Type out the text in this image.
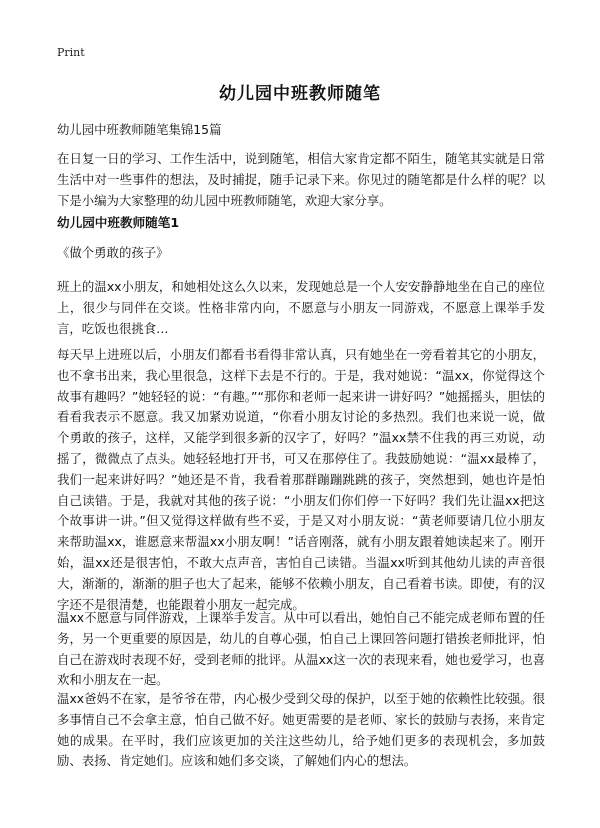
Print
幼儿园中班教师随笔
幼儿园中班教师随笔集锦15篇

在日复一日的学习、工作生活中，说到随笔，相信大家肯定都不陌生，随笔其实就是日常生活中对一些事件的想法，及时捕捉，随手记录下来。你见过的随笔都是什么样的呢？以下是小编为大家整理的幼儿园中班教师随笔，欢迎大家分享。

幼儿园中班教师随笔1
《做个勇敢的孩子》

班上的温xx小朋友，和她相处这么久以来，发现她总是一个人安安静静地坐在自己的座位上，很少与同伴在交谈。性格非常内向，不愿意与小朋友一同游戏，不愿意上课举手发言，吃饭也很挑食…

每天早上进班以后，小朋友们都看书看得非常认真，只有她坐在一旁看着其它的小朋友，也不拿书出来，我心里很急，这样下去是不行的。于是，我对她说：“温xx，你觉得这个故事有趣吗？”她轻轻的说：“有趣。”“那你和老师一起来讲一讲好吗？”她摇摇头，胆怯的看看我表示不愿意。我又加紧劝说道，“你看小朋友讨论的多热烈。我们也来说一说，做个勇敢的孩子，这样，又能学到很多新的汉字了，好吗？”温xx禁不住我的再三劝说，动摇了，微微点了点头。她轻轻地打开书，可又在那停住了。我鼓励她说：“温xx最棒了，我们一起来讲好吗？”她还是不肯，我看着那群蹦蹦跳跳的孩子，突然想到，她也许是怕自己读错。于是，我就对其他的孩子说：“小朋友们你们停一下好吗？我们先让温xx把这个故事讲一讲。”但又觉得这样做有些不妥，于是又对小朋友说：“黄老师要请几位小朋友来帮助温xx，谁愿意来帮温xx小朋友啊！”话音刚落，就有小朋友跟着她读起来了。刚开始，温xx还是很害怕，不敢大点声音，害怕自己读错。当温xx听到其他幼儿读的声音很大，渐渐的，渐渐的胆子也大了起来，能够不依赖小朋友，自己看着书读。即使，有的汉字还不是很清楚，也能跟着小朋友一起完成。

温xx不愿意与同伴游戏，上课举手发言。从中可以看出，她怕自己不能完成老师布置的任务，另一个更重要的原因是，幼儿的自尊心强，怕自己上课回答问题打错挨老师批评，怕自己在游戏时表现不好，受到老师的批评。从温xx这一次的表现来看，她也爱学习，也喜欢和小朋友在一起。

温xx爸妈不在家，是爷爷在带，内心极少受到父母的保护，以至于她的依赖性比较强。很多事情自己不会拿主意，怕自己做不好。她更需要的是老师、家长的鼓励与表扬，来肯定她的成果。在平时，我们应该更加的关注这些幼儿，给予她们更多的表现机会，多加鼓励、表扬、肯定她们。应该和她们多交谈，了解她们内心的想法。
